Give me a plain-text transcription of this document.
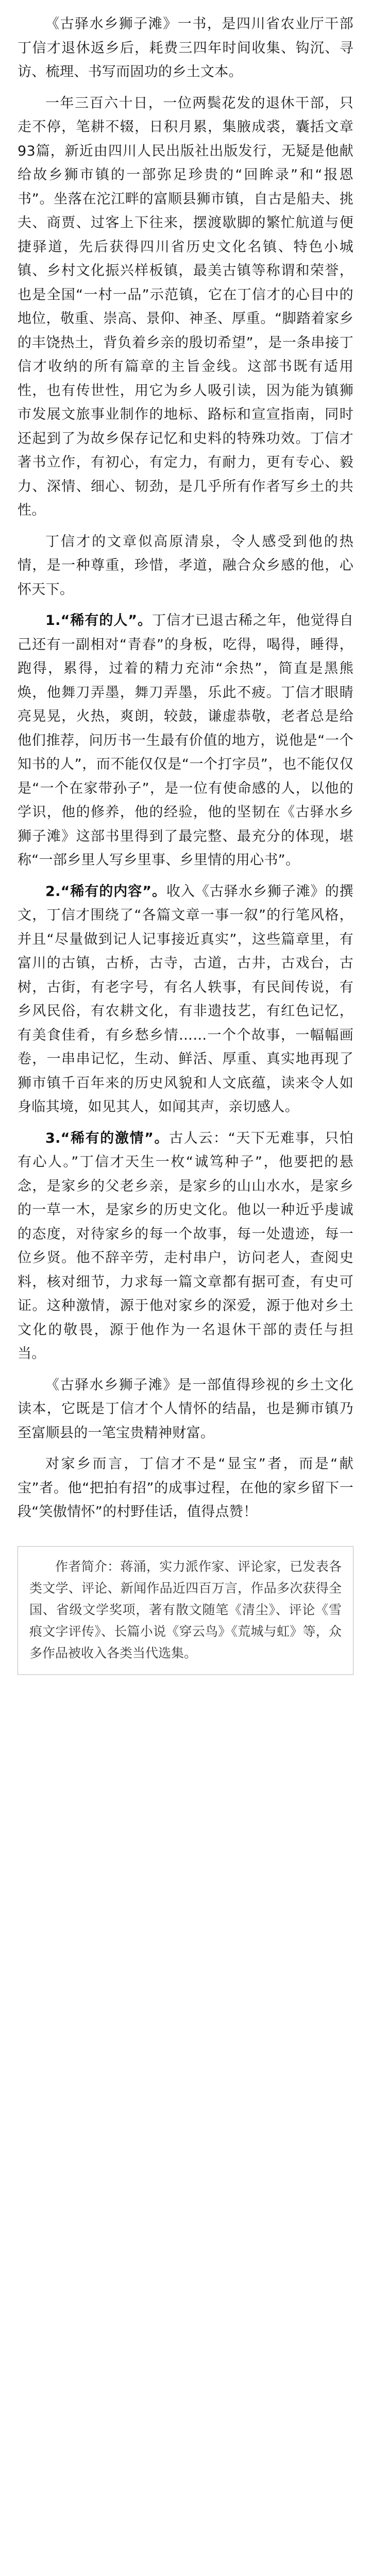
《古驿水乡狮子滩》一书，是四川省农业厅干部丁信才退休返乡后，耗费三四年时间收集、钩沉、寻访、梳理、书写而固功的乡土文本。

一年三百六十日，一位两鬓花发的退休干部，只走不停，笔耕不辍，日积月累，集腋成裘，囊括文章93篇，新近由四川人民出版社出版发行，无疑是他献给故乡狮市镇的一部弥足珍贵的“回眸录”和“报恩书”。坐落在沱江畔的富顺县狮市镇，自古是船夫、挑夫、商贾、过客上下往来，摆渡歇脚的繁忙航道与便捷驿道，先后获得四川省历史文化名镇、特色小城镇、乡村文化振兴样板镇，最美古镇等称谓和荣誉，也是全国“一村一品”示范镇，它在丁信才的心目中的地位，敬重、崇高、景仰、神圣、厚重。“脚踏着家乡的丰饶热土，背负着乡亲的殷切希望”，是一条串接丁信才收纳的所有篇章的主旨金线。这部书既有适用性，也有传世性，用它为乡人吸引读，因为能为镇狮市发展文旅事业制作的地标、路标和宣宣指南，同时还起到了为故乡保存记忆和史料的特殊功效。丁信才著书立作，有初心，有定力，有耐力，更有专心、毅力、深情、细心、韧劲，是几乎所有作者写乡土的共性。

丁信才的文章似高原清泉，令人感受到他的热情，是一种尊重，珍惜，孝道，融合众乡感的他，心怀天下。

1.“稀有的人”。丁信才已退古稀之年，他觉得自己还有一副相对“青春”的身板，吃得，喝得，睡得，跑得，累得，过着的精力充沛“余热”，简直是黑熊焕，他舞刀弄墨，舞刀弄墨，乐此不疲。丁信才眼睛亮晃晃，火热，爽朗，较鼓，谦虚恭敬，老者总是给他们推荐，问历书一生最有价值的地方，说他是“一个知书的人”，而不能仅仅是“一个打字员”，也不能仅仅是“一个在家带孙子”，是一位有使命感的人，以他的学识，他的修养，他的经验，他的坚韧在《古驿水乡狮子滩》这部书里得到了最完整、最充分的体现，堪称“一部乡里人写乡里事、乡里情的用心书”。

2.“稀有的内容”。收入《古驿水乡狮子滩》的撰文，丁信才围绕了“各篇文章一事一叙”的行笔风格，并且“尽量做到记人记事接近真实”，这些篇章里，有富川的古镇，古桥，古寺，古道，古井，古戏台，古树，古街，有老字号，有名人轶事，有民间传说，有乡风民俗，有农耕文化，有非遗技艺，有红色记忆，有美食佳肴，有乡愁乡情……一个个故事，一幅幅画卷，一串串记忆，生动、鲜活、厚重、真实地再现了狮市镇千百年来的历史风貌和人文底蕴，读来令人如身临其境，如见其人，如闻其声，亲切感人。

3.“稀有的激情”。古人云：“天下无难事，只怕有心人。”丁信才天生一枚“诚笃种子”，他要把的悬念，是家乡的父老乡亲，是家乡的山山水水，是家乡的一草一木，是家乡的历史文化。他以一种近乎虔诚的态度，对待家乡的每一个故事，每一处遗迹，每一位乡贤。他不辞辛劳，走村串户，访问老人，查阅史料，核对细节，力求每一篇文章都有据可查，有史可证。这种激情，源于他对家乡的深爱，源于他对乡土文化的敬畏，源于他作为一名退休干部的责任与担当。

《古驿水乡狮子滩》是一部值得珍视的乡土文化读本，它既是丁信才个人情怀的结晶，也是狮市镇乃至富顺县的一笔宝贵精神财富。

对家乡而言，丁信才不是“显宝”者，而是“献宝”者。他“把拍有招”的成事过程，在他的家乡留下一段“笑傲情怀”的村野佳话，值得点赞！

作者简介：蒋涌，实力派作家、评论家，已发表各类文学、评论、新闻作品近四百万言，作品多次获得全国、省级文学奖项，著有散文随笔《清尘》、评论《雪痕文字评传》、长篇小说《穿云鸟》《荒城与虹》等，众多作品被收入各类当代选集。
